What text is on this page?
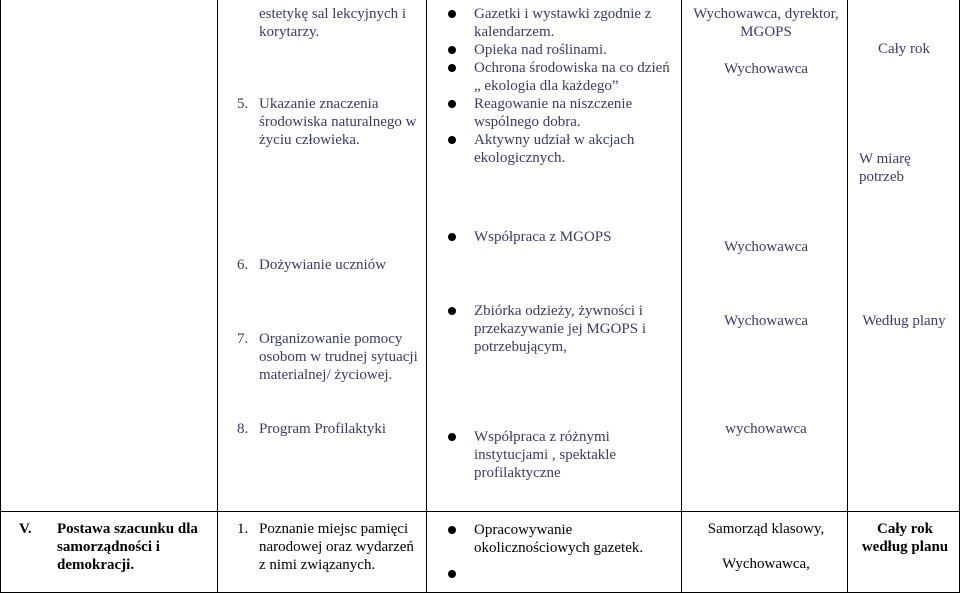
estetykę sal lekcyjnych i korytarzy.
5. Ukazanie znaczenia środowiska naturalnego w życiu człowieka.
Gazetki i wystawki zgodnie z kalendarzem.
Opieka nad roślinami.
Ochrona środowiska na co dzień „ ekologia dla każdego”
Reagowanie na niszczenie wspólnego dobra.
Aktywny udział w akcjach ekologicznych.
Wychowawca, dyrektor, MGOPS
Wychowawca
Cały rok
W miarę potrzeb
6. Dożywianie uczniów
Współpraca z MGOPS
Wychowawca
7. Organizowanie pomocy osobom w trudnej sytuacji materialnej/ życiowej.
Zbiórka odzieży, żywności i przekazywanie jej MGOPS i potrzebującym,
Wychowawca	Według plany
8. Program Profilaktyki	Współpraca z różnymi instytucjami , spektakle profilaktyczne
wychowawca
V. Postawa szacunku dla samorządności i demokracji.
1. Poznanie miejsc pamięci narodowej oraz wydarzeń z nimi związanych.
Opracowywanie okolicznościowych gazetek.
Samorząd klasowy,
Wychowawca,
Cały rok według planu
